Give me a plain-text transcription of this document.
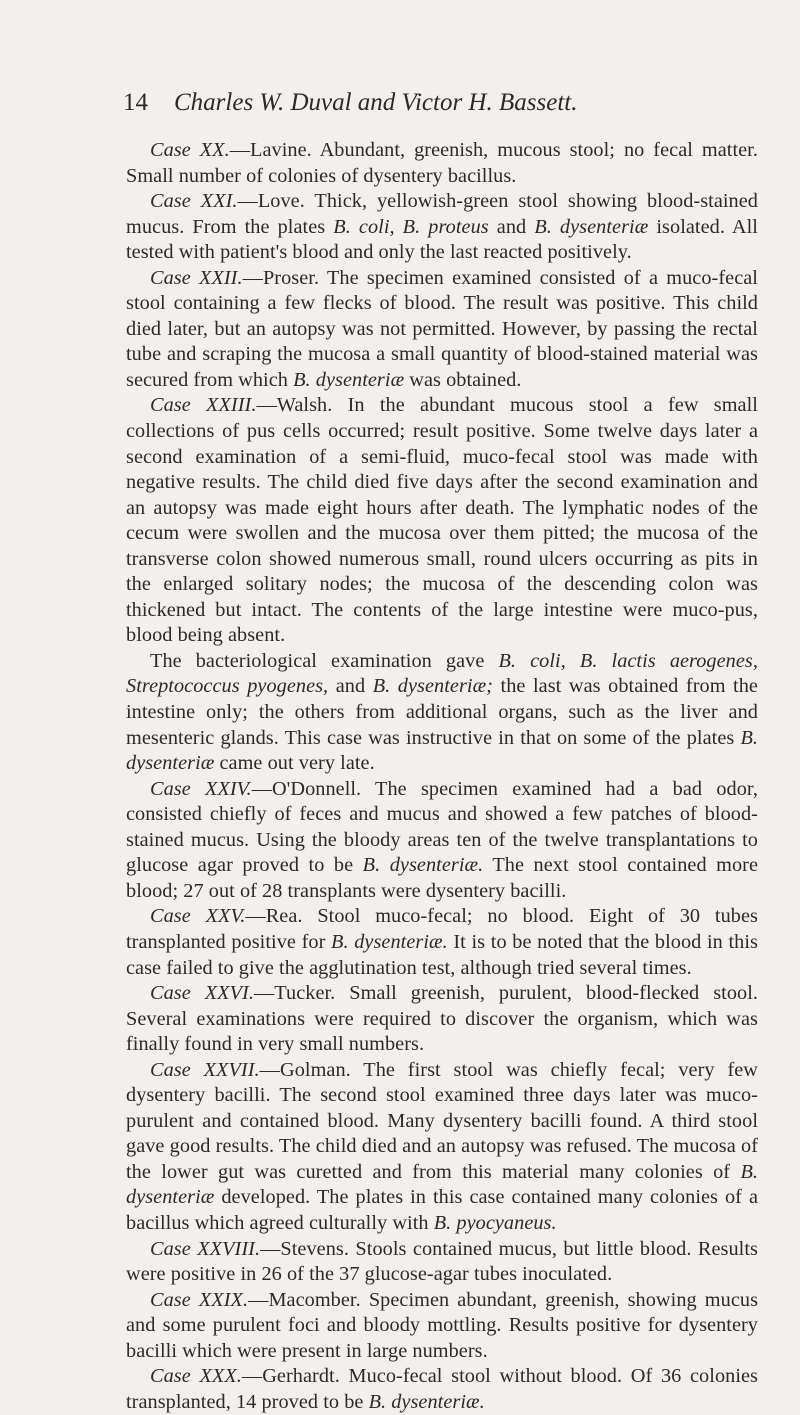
14 Charles W. Duval and Victor H. Bassett.

Case XX.—Lavine. Abundant, greenish, mucous stool; no fecal matter. Small number of colonies of dysentery bacillus.

Case XXI.—Love. Thick, yellowish-green stool showing blood-stained mucus. From the plates B. coli, B. proteus and B. dysenteriæ isolated. All tested with patient's blood and only the last reacted positively.

Case XXII.—Proser. The specimen examined consisted of a muco-fecal stool containing a few flecks of blood. The result was positive. This child died later, but an autopsy was not permitted. However, by passing the rectal tube and scraping the mucosa a small quantity of blood-stained material was secured from which B. dysenteriæ was obtained.

Case XXIII.—Walsh. In the abundant mucous stool a few small collections of pus cells occurred; result positive. Some twelve days later a second examination of a semi-fluid, muco-fecal stool was made with negative results. The child died five days after the second examination and an autopsy was made eight hours after death. The lymphatic nodes of the cecum were swollen and the mucosa over them pitted; the mucosa of the transverse colon showed numerous small, round ulcers occurring as pits in the enlarged solitary nodes; the mucosa of the descending colon was thickened but intact. The contents of the large intestine were muco-pus, blood being absent.

The bacteriological examination gave B. coli, B. lactis aerogenes, Streptococcus pyogenes, and B. dysenteriæ; the last was obtained from the intestine only; the others from additional organs, such as the liver and mesenteric glands. This case was instructive in that on some of the plates B. dysenteriæ came out very late.

Case XXIV.—O'Donnell. The specimen examined had a bad odor, consisted chiefly of feces and mucus and showed a few patches of blood-stained mucus. Using the bloody areas ten of the twelve transplantations to glucose agar proved to be B. dysenteriæ. The next stool contained more blood; 27 out of 28 transplants were dysentery bacilli.

Case XXV.—Rea. Stool muco-fecal; no blood. Eight of 30 tubes transplanted positive for B. dysenteriæ. It is to be noted that the blood in this case failed to give the agglutination test, although tried several times.

Case XXVI.—Tucker. Small greenish, purulent, blood-flecked stool. Several examinations were required to discover the organism, which was finally found in very small numbers.

Case XXVII.—Golman. The first stool was chiefly fecal; very few dysentery bacilli. The second stool examined three days later was muco-purulent and contained blood. Many dysentery bacilli found. A third stool gave good results. The child died and an autopsy was refused. The mucosa of the lower gut was curetted and from this material many colonies of B. dysenteriæ developed. The plates in this case contained many colonies of a bacillus which agreed culturally with B. pyocyaneus.

Case XXVIII.—Stevens. Stools contained mucus, but little blood. Results were positive in 26 of the 37 glucose-agar tubes inoculated.

Case XXIX.—Macomber. Specimen abundant, greenish, showing mucus and some purulent foci and bloody mottling. Results positive for dysentery bacilli which were present in large numbers.

Case XXX.—Gerhardt. Muco-fecal stool without blood. Of 36 colonies transplanted, 14 proved to be B. dysenteriæ.
